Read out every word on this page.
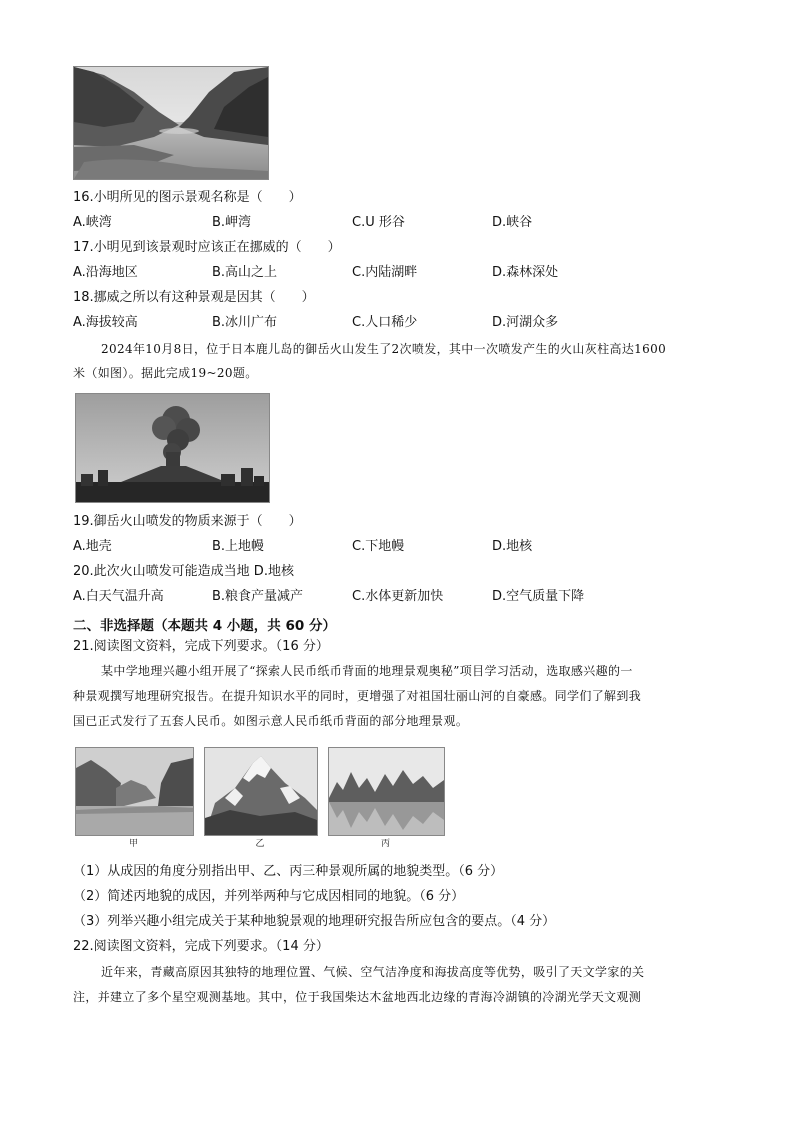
16.小明所见的图示景观名称是（　　）
A.峡湾	B.岬湾	C.U 形谷	D.峡谷
17.小明见到该景观时应该正在挪威的（　　）
A.沿海地区	B.高山之上	C.内陆湖畔	D.森林深处
18.挪威之所以有这种景观是因其（　　）
A.海拔较高	B.冰川广布	C.人口稀少	D.河湖众多
2024年10月8日，位于日本鹿儿岛的御岳火山发生了2次喷发，其中一次喷发产生的火山灰柱高达1600
米（如图）。据此完成19~20题。
19.御岳火山喷发的物质来源于（　　）
A.地壳	B.上地幔	C.下地幔	D.地核
20.此次火山喷发可能造成当地 D.地核
A.白天气温升高	B.粮食产量减产	C.水体更新加快	D.空气质量下降
二、非选择题（本题共 4 小题，共 60 分）
21.阅读图文资料，完成下列要求。（16 分）
某中学地理兴趣小组开展了“探索人民币纸币背面的地理景观奥秘”项目学习活动，选取感兴趣的一
种景观撰写地理研究报告。在提升知识水平的同时，更增强了对祖国壮丽山河的自豪感。同学们了解到我
国已正式发行了五套人民币。如图示意人民币纸币背面的部分地理景观。
甲	乙	丙
（1）从成因的角度分别指出甲、乙、丙三种景观所属的地貌类型。（6 分）
（2）简述丙地貌的成因，并列举两种与它成因相同的地貌。（6 分）
（3）列举兴趣小组完成关于某种地貌景观的地理研究报告所应包含的要点。（4 分）
22.阅读图文资料，完成下列要求。（14 分）
近年来，青藏高原因其独特的地理位置、气候、空气洁净度和海拔高度等优势，吸引了天文学家的关
注，并建立了多个星空观测基地。其中，位于我国柴达木盆地西北边缘的青海冷湖镇的冷湖光学天文观测
